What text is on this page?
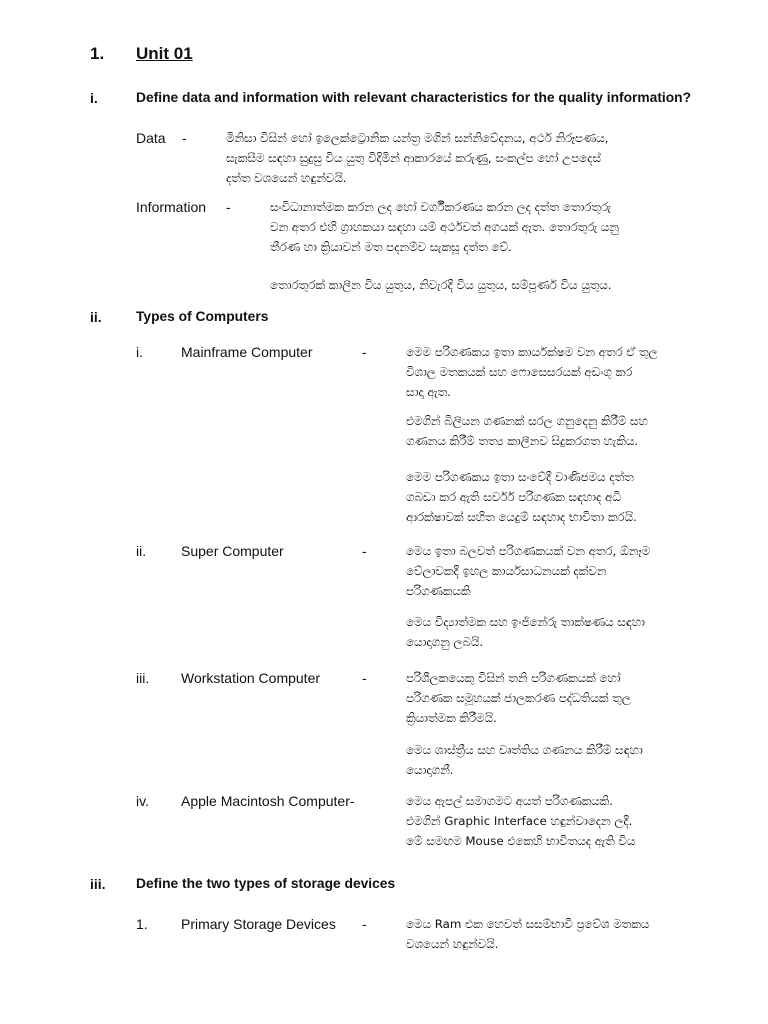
1. Unit 01
i.	Define data and information with relevant characteristics for the quality information?
Data -	මිනිසා විසින් හෝ ඉලෙක්ට්‍රොනික යන්ත්‍ර මගින් සන්නිවේදනය, අර්ථ නිරූපණය,
සැකසීම සඳහා සුදුසු විය යුතු විදිමින් ආකාරයේ කරුණු, සංකල්ප හෝ උපදෙස්
දත්ත වශයෙන් හඳුන්වයි.
Information -	සංවිධානාත්මක කරන ලද හෝ වර්ගීකරණය කරන ලද දත්ත තොරතුරු
වන අතර එහි ග්‍රාහකයා සඳහා යම් අර්ථවත් අගයක් ඇත. තොරතුරු යනු
තීරණ හා ක්‍රියාවන් මත පදනම්ව සැකසූ දත්ත වේ.
තොරතුරක් කාලීන විය යුතුය, නිවැරදි විය යුතුය, සම්පූර්ණ විය යුතුය.
ii. Types of Computers
i.	Mainframe Computer	-	මෙම පරිගණකය ඉතා කාර්යක්ෂම වන අතර ඒ තුල
විශාල මතකයක් සහ ෆොසෙසරයක් අඩංගු කර
සාදා ඇත.
එමගින් බිලියන ගණනක් සරල ගනුදෙනු කිරීම් සහ
ගණනය කිරීම් තත්‍ය කාලීනව සිදුකරගත හැකිය.
මෙම පරිගණකය ඉතා සංවේදී වාණිජමය දත්ත
ගබඩා කර ඇති සර්වර් පරිගණක සඳහාද අධි
ආරක්ෂාවක් සහිත යෙදුම් සඳහාද භාවිතා කරයි.
ii. Super Computer	-	මෙය ඉතා බලවත් පරිගණකයක් වන අතර, ඕනෑම
වේලාවකදී ඉහල කාර්යසාධනයක් දක්වන
පරිගණකයකි
මෙය විද්‍යාත්මක සහ ඉංජිනේරු තාක්ෂණය සඳහා
යොදාගනු ලබයි.
iii. Workstation Computer	-	පරිශීලකයෙකු විසින් තනි පරිගණකයක් හෝ
පරිගණක සමූහයක් ජාලකරණ පද්ධතියක් තුල
ක්‍රියාත්මක කිරීමයි.
මෙය ශාස්ත්‍රීය සහ වෘත්තිය ගණනය කිරීම් සඳහා
යොදාගනී.
iv. Apple Macintosh Computer-	මෙය ඇපල් සමාගමට අයත් පරිගණකයකි.
එමගින් Graphic Interface හඳුන්වාදෙන ලදී.
මේ සමඟම Mouse එකෙහි භාවිතයද ඇති විය
iii. Define the two types of storage devices
1. Primary Storage Devices -	මෙය Ram එක හෙවත් සසම්භාවී ප්‍රවේශ මතකය
වශයෙන් හඳුන්වයි.
